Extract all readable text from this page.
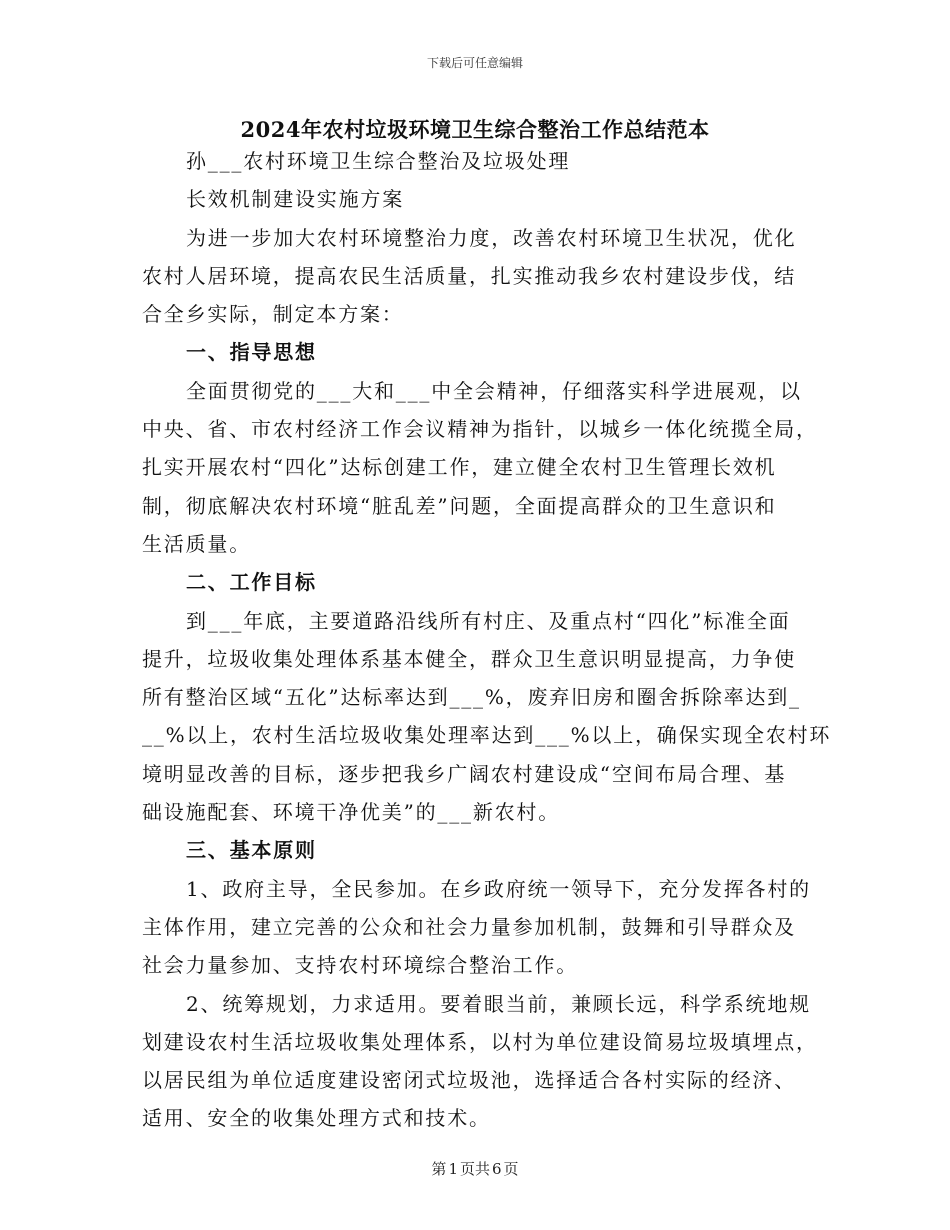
下载后可任意编辑
2024年农村垃圾环境卫生综合整治工作总结范本
孙___农村环境卫生综合整治及垃圾处理
长效机制建设实施方案
为进一步加大农村环境整治力度，改善农村环境卫生状况，优化
农村人居环境，提高农民生活质量，扎实推动我乡农村建设步伐，结
合全乡实际，制定本方案：
一、指导思想
全面贯彻党的___大和___中全会精神，仔细落实科学进展观，以
中央、省、市农村经济工作会议精神为指针，以城乡一体化统揽全局，
扎实开展农村“四化”达标创建工作，建立健全农村卫生管理长效机
制，彻底解决农村环境“脏乱差”问题，全面提高群众的卫生意识和
生活质量。
二、工作目标
到___年底，主要道路沿线所有村庄、及重点村“四化”标准全面
提升，垃圾收集处理体系基本健全，群众卫生意识明显提高，力争使
所有整治区域“五化”达标率达到___%，废弃旧房和圈舍拆除率达到_
__%以上，农村生活垃圾收集处理率达到___%以上，确保实现全农村环
境明显改善的目标，逐步把我乡广阔农村建设成“空间布局合理、基
础设施配套、环境干净优美”的___新农村。
三、基本原则
1、政府主导，全民参加。在乡政府统一领导下，充分发挥各村的
主体作用，建立完善的公众和社会力量参加机制，鼓舞和引导群众及
社会力量参加、支持农村环境综合整治工作。
2、统筹规划，力求适用。要着眼当前，兼顾长远，科学系统地规
划建设农村生活垃圾收集处理体系，以村为单位建设简易垃圾填埋点，
以居民组为单位适度建设密闭式垃圾池，选择适合各村实际的经济、
适用、安全的收集处理方式和技术。
第 1 页共 6 页
